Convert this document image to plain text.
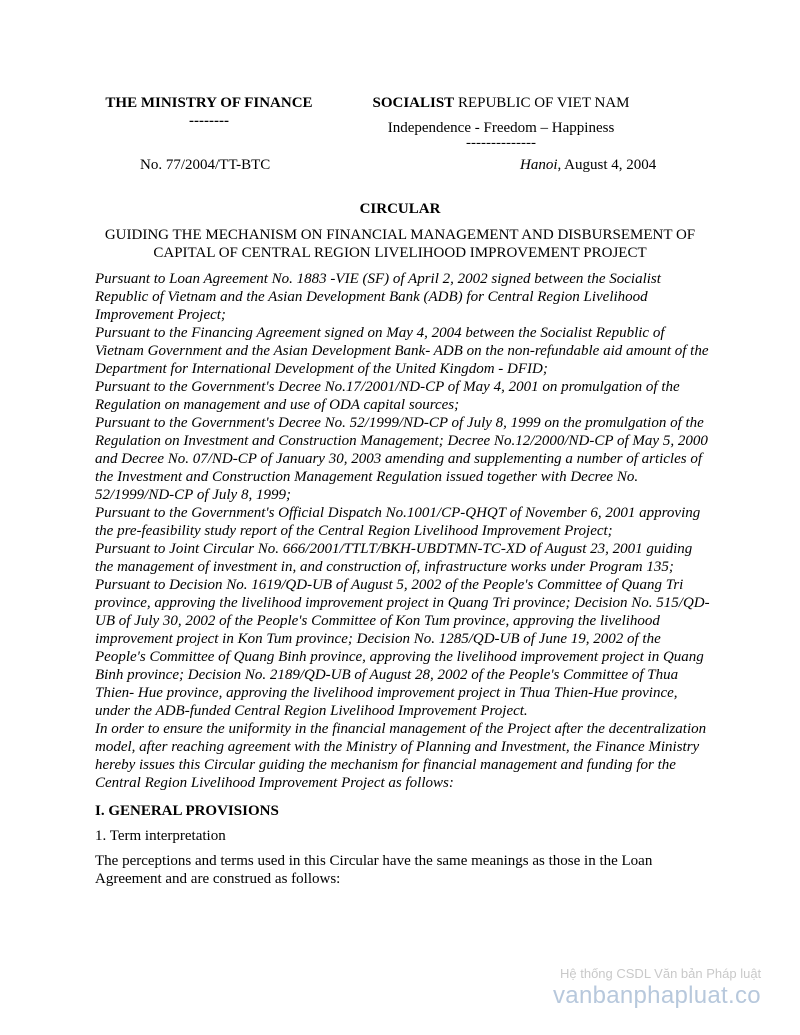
THE MINISTRY OF FINANCE
--------
SOCIALIST REPUBLIC OF VIET NAM
Independence - Freedom – Happiness
--------------
No. 77/2004/TT-BTC	Hanoi, August 4, 2004
CIRCULAR
GUIDING THE MECHANISM ON FINANCIAL MANAGEMENT AND DISBURSEMENT OF CAPITAL OF CENTRAL REGION LIVELIHOOD IMPROVEMENT PROJECT

Pursuant to Loan Agreement No. 1883 -VIE (SF) of April 2, 2002 signed between the Socialist Republic of Vietnam and the Asian Development Bank (ADB) for Central Region Livelihood Improvement Project;

Pursuant to the Financing Agreement signed on May 4, 2004 between the Socialist Republic of Vietnam Government and the Asian Development Bank- ADB on the non-refundable aid amount of the Department for International Development of the United Kingdom - DFID;

Pursuant to the Government's Decree No.17/2001/ND-CP of May 4, 2001 on promulgation of the Regulation on management and use of ODA capital sources;

Pursuant to the Government's Decree No. 52/1999/ND-CP of July 8, 1999 on the promulgation of the Regulation on Investment and Construction Management; Decree No.12/2000/ND-CP of May 5, 2000 and Decree No. 07/ND-CP of January 30, 2003 amending and supplementing a number of articles of the Investment and Construction Management Regulation issued together with Decree No. 52/1999/ND-CP of July 8, 1999;

Pursuant to the Government's Official Dispatch No.1001/CP-QHQT of November 6, 2001 approving the pre-feasibility study report of the Central Region Livelihood Improvement Project;

Pursuant to Joint Circular No. 666/2001/TTLT/BKH-UBDTMN-TC-XD of August 23, 2001 guiding the management of investment in, and construction of, infrastructure works under Program 135;

Pursuant to Decision No. 1619/QD-UB of August 5, 2002 of the People's Committee of Quang Tri province, approving the livelihood improvement project in Quang Tri province; Decision No. 515/QD-UB of July 30, 2002 of the People's Committee of Kon Tum province, approving the livelihood improvement project in Kon Tum province; Decision No. 1285/QD-UB of June 19, 2002 of the People's Committee of Quang Binh province, approving the livelihood improvement project in Quang Binh province; Decision No. 2189/QD-UB of August 28, 2002 of the People's Committee of Thua Thien- Hue province, approving the livelihood improvement project in Thua Thien-Hue province, under the ADB-funded Central Region Livelihood Improvement Project.

In order to ensure the uniformity in the financial management of the Project after the decentralization model, after reaching agreement with the Ministry of Planning and Investment, the Finance Ministry hereby issues this Circular guiding the mechanism for financial management and funding for the Central Region Livelihood Improvement Project as follows:

I. GENERAL PROVISIONS
1. Term interpretation
The perceptions and terms used in this Circular have the same meanings as those in the Loan Agreement and are construed as follows:
Hệ thống CSDL Văn bản Pháp luật
vanbanphapluat.co
